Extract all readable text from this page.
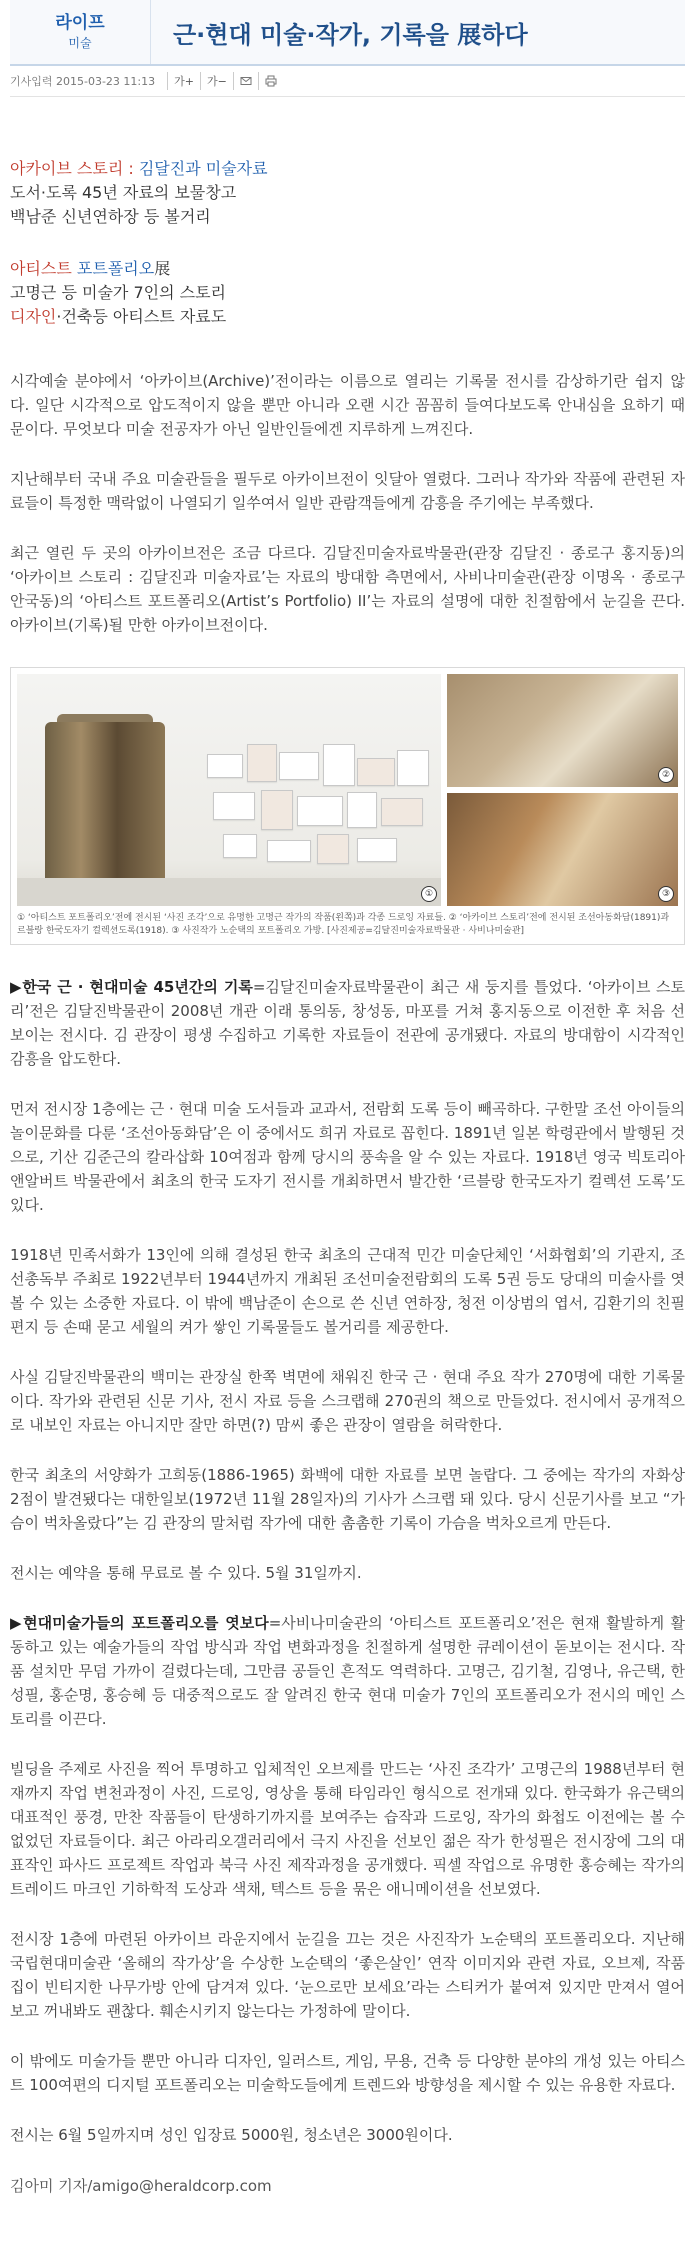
라이프
미술	근·현대 미술·작가, 기록을 展하다
기사입력 2015-03-23 11:13	가+	가−
아카이브 스토리 : 김달진과 미술자료
도서·도록 45년 자료의 보물창고
백남준 신년연하장 등 볼거리
아티스트 포트폴리오展
고명근 등 미술가 7인의 스토리
디자인·건축등 아티스트 자료도

시각예술 분야에서 ‘아카이브(Archive)’전이라는 이름으로 열리는 기록물 전시를 감상하기란 쉽지 않다. 일단 시각적으로 압도적이지 않을 뿐만 아니라 오랜 시간 꼼꼼히 들여다보도록 안내심을 요하기 때문이다. 무엇보다 미술 전공자가 아닌 일반인들에겐 지루하게 느껴진다.

지난해부터 국내 주요 미술관들을 필두로 아카이브전이 잇달아 열렸다. 그러나 작가와 작품에 관련된 자료들이 특정한 맥락없이 나열되기 일쑤여서 일반 관람객들에게 감흥을 주기에는 부족했다.

최근 열린 두 곳의 아카이브전은 조금 다르다. 김달진미술자료박물관(관장 김달진 · 종로구 홍지동)의 ‘아카이브 스토리 : 김달진과 미술자료’는 자료의 방대함 측면에서, 사비나미술관(관장 이명옥 · 종로구 안국동)의 ‘아티스트 포트폴리오(Artist’s Portfolio) II’는 자료의 설명에 대한 친절함에서 눈길을 끈다. 아카이브(기록)될 만한 아카이브전이다.

①
②
③
① ‘아티스트 포트폴리오’전에 전시된 ‘사진 조각’으로 유명한 고명근 작가의 작품(왼쪽)과 각종 드로잉 자료들. ② ‘아카이브 스토리’전에 전시된 조선아동화담(1891)과 르블랑 한국도자기 컬렉션도록(1918). ③ 사진작가 노순택의 포트폴리오 가방. [사진제공=김달진미술자료박물관 · 사비나미술관]

▶한국 근 · 현대미술 45년간의 기록=김달진미술자료박물관이 최근 새 둥지를 틀었다. ‘아카이브 스토리’전은 김달진박물관이 2008년 개관 이래 통의동, 창성동, 마포를 거쳐 홍지동으로 이전한 후 처음 선보이는 전시다. 김 관장이 평생 수집하고 기록한 자료들이 전관에 공개됐다. 자료의 방대함이 시각적인 감흥을 압도한다.

먼저 전시장 1층에는 근 · 현대 미술 도서들과 교과서, 전람회 도록 등이 빼곡하다. 구한말 조선 아이들의 놀이문화를 다룬 ‘조선아동화담’은 이 중에서도 희귀 자료로 꼽힌다. 1891년 일본 학령관에서 발행된 것으로, 기산 김준근의 칼라삽화 10여점과 함께 당시의 풍속을 알 수 있는 자료다. 1918년 영국 빅토리아앤알버트 박물관에서 최초의 한국 도자기 전시를 개최하면서 발간한 ‘르블랑 한국도자기 컬렉션 도록’도 있다.

1918년 민족서화가 13인에 의해 결성된 한국 최초의 근대적 민간 미술단체인 ‘서화협회’의 기관지, 조선총독부 주최로 1922년부터 1944년까지 개최된 조선미술전람회의 도록 5권 등도 당대의 미술사를 엿볼 수 있는 소중한 자료다. 이 밖에 백남준이 손으로 쓴 신년 연하장, 청전 이상범의 엽서, 김환기의 친필 편지 등 손때 묻고 세월의 켜가 쌓인 기록물들도 볼거리를 제공한다.

사실 김달진박물관의 백미는 관장실 한쪽 벽면에 채워진 한국 근 · 현대 주요 작가 270명에 대한 기록물이다. 작가와 관련된 신문 기사, 전시 자료 등을 스크랩해 270권의 책으로 만들었다. 전시에서 공개적으로 내보인 자료는 아니지만 잘만 하면(?) 맘씨 좋은 관장이 열람을 허락한다.

한국 최초의 서양화가 고희동(1886-1965) 화백에 대한 자료를 보면 놀랍다. 그 중에는 작가의 자화상 2점이 발견됐다는 대한일보(1972년 11월 28일자)의 기사가 스크랩 돼 있다. 당시 신문기사를 보고 “가슴이 벅차올랐다”는 김 관장의 말처럼 작가에 대한 촘촘한 기록이 가슴을 벅차오르게 만든다.

전시는 예약을 통해 무료로 볼 수 있다. 5월 31일까지.

▶현대미술가들의 포트폴리오를 엿보다=사비나미술관의 ‘아티스트 포트폴리오’전은 현재 활발하게 활동하고 있는 예술가들의 작업 방식과 작업 변화과정을 친절하게 설명한 큐레이션이 돋보이는 전시다. 작품 설치만 무덤 가까이 걸렸다는데, 그만큼 공들인 흔적도 역력하다. 고명근, 김기철, 김영나, 유근택, 한성필, 홍순명, 홍승혜 등 대중적으로도 잘 알려진 한국 현대 미술가 7인의 포트폴리오가 전시의 메인 스토리를 이끈다.

빌딩을 주제로 사진을 찍어 투명하고 입체적인 오브제를 만드는 ‘사진 조각가’ 고명근의 1988년부터 현재까지 작업 변천과정이 사진, 드로잉, 영상을 통해 타임라인 형식으로 전개돼 있다. 한국화가 유근택의 대표적인 풍경, 만찬 작품들이 탄생하기까지를 보여주는 습작과 드로잉, 작가의 화첩도 이전에는 볼 수 없었던 자료들이다. 최근 아라리오갤러리에서 극지 사진을 선보인 젊은 작가 한성필은 전시장에 그의 대표작인 파사드 프로젝트 작업과 북극 사진 제작과정을 공개했다. 픽셀 작업으로 유명한 홍승혜는 작가의 트레이드 마크인 기하학적 도상과 색채, 텍스트 등을 묶은 애니메이션을 선보였다.

전시장 1층에 마련된 아카이브 라운지에서 눈길을 끄는 것은 사진작가 노순택의 포트폴리오다. 지난해 국립현대미술관 ‘올해의 작가상’을 수상한 노순택의 ‘좋은살인’ 연작 이미지와 관련 자료, 오브제, 작품집이 빈티지한 나무가방 안에 담겨져 있다. ‘눈으로만 보세요’라는 스티커가 붙여져 있지만 만져서 열어보고 꺼내봐도 괜찮다. 훼손시키지 않는다는 가정하에 말이다.

이 밖에도 미술가들 뿐만 아니라 디자인, 일러스트, 게임, 무용, 건축 등 다양한 분야의 개성 있는 아티스트 100여편의 디지털 포트폴리오는 미술학도들에게 트렌드와 방향성을 제시할 수 있는 유용한 자료다.

전시는 6월 5일까지며 성인 입장료 5000원, 청소년은 3000원이다.

김아미 기자/amigo@heraldcorp.com
